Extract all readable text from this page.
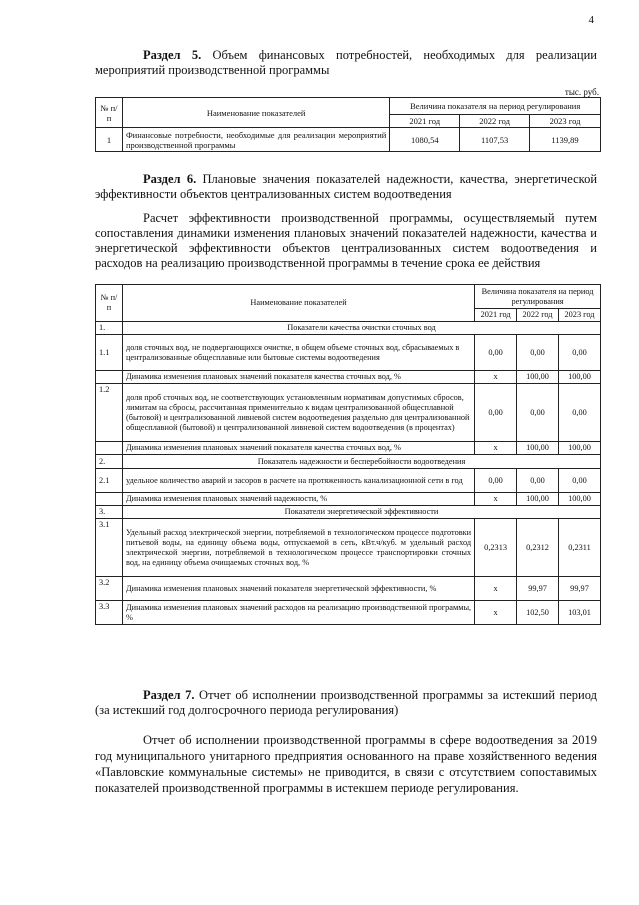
4
Раздел 5. Объем финансовых потребностей, необходимых для реализации мероприятий производственной программы
тыс. руб.
№ п/п	Наименование показателей	Величина показателя на период регулирования		
		2021 год	2022 год	2023 год
1	Финансовые потребности, необходимые для реализации мероприятий производственной программы	1080,54	1107,53	1139,89
Раздел 6. Плановые значения показателей надежности, качества, энергетической эффективности объектов централизованных систем водоотведения
Расчет эффективности производственной программы, осуществляемый путем сопоставления динамики изменения плановых значений показателей надежности, качества и энергетической эффективности объектов централизованных систем водоотведения и расходов на реализацию производственной программы в течение срока ее действия
№ п/п	Наименование показателей	Величина показателя на период регулирования		
		2021 год	2022 год	2023 год

1.	Показатели качества очистки сточных вод			
1.1	доля сточных вод, не подвергающихся очистке, в общем объеме сточных вод, сбрасываемых в централизованные общесплавные или бытовые системы водоотведения	0,00	0,00	0,00
	Динамика изменения плановых значений показателя качества сточных вод, %	х	100,00	100,00
1.2	доля проб сточных вод, не соответствующих установленным нормативам допустимых сбросов, лимитам на сбросы, рассчитанная применительно к видам централизованной общесплавной (бытовой) и централизованной ливневой систем водоотведения раздельно для централизованной общесплавной (бытовой) и централизованной ливневой систем водоотведения (в процентах)	0,00	0,00	0,00
	Динамика изменения плановых значений показателя качества сточных вод, %	х	100,00	100,00
2.	Показатель надежности и бесперебойности водоотведения			
2.1	удельное количество аварий и засоров в расчете на протяженность канализационной сети в год	0,00	0,00	0,00
	Динамика изменения плановых значений надежности, %	х	100,00	100,00
3.	Показатели энергетической эффективности			
3.1	Удельный расход электрической энергии, потребляемой в технологическом процессе подготовки питьевой воды, на единицу объема воды, отпускаемой в сеть, кВт.ч/куб. м удельный расход электрической энергии, потребляемой в технологическом процессе транспортировки сточных вод, на единицу объема очищаемых сточных вод, %	0,2313	0,2312	0,2311
3.2	Динамика изменения плановых значений показателя энергетической эффективности, %	х	99,97	99,97
3.3	Динамика изменения плановых значений расходов на реализацию производственной программы, %	х	102,50	103,01
Раздел 7. Отчет об исполнении производственной программы за истекший период (за истекший год долгосрочного периода регулирования)
Отчет об исполнении производственной программы в сфере водоотведения за 2019 год муниципального унитарного предприятия основанного на праве хозяйственного ведения «Павловские коммунальные системы» не приводится, в связи с отсутствием сопоставимых показателей производственной программы в истекшем периоде регулирования.
